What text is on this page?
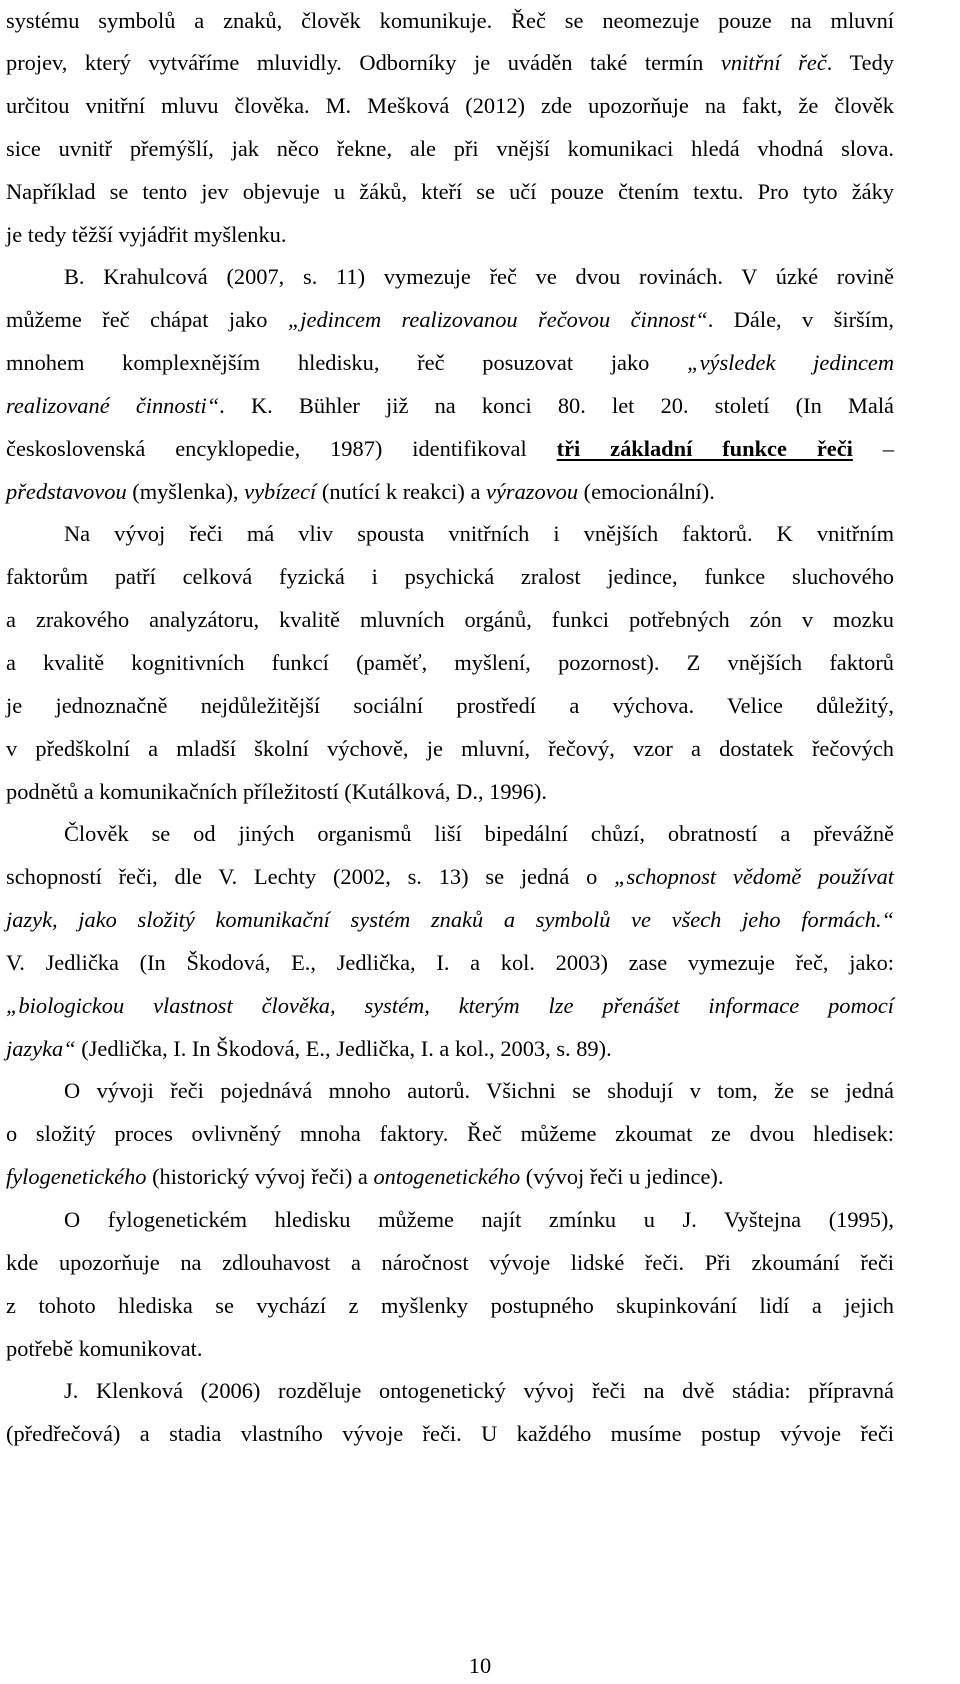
systému symbolů a znaků, člověk komunikuje. Řeč se neomezuje pouze na mluvní
projev, který vytváříme mluvidly. Odborníky je uváděn také termín vnitřní řeč. Tedy
určitou vnitřní mluvu člověka. M. Mešková (2012) zde upozorňuje na fakt, že člověk
sice uvnitř přemýšlí, jak něco řekne, ale při vnější komunikaci hledá vhodná slova.
Například se tento jev objevuje u žáků, kteří se učí pouze čtením textu. Pro tyto žáky
je tedy těžší vyjádřit myšlenku.
B. Krahulcová (2007, s. 11) vymezuje řeč ve dvou rovinách. V úzké rovině
můžeme řeč chápat jako „jedincem realizovanou řečovou činnost“. Dále, v širším,
mnohem komplexnějším hledisku, řeč posuzovat jako „výsledek jedincem
realizované činnosti“. K. Bühler již na konci 80. let 20. století (In Malá
československá encyklopedie, 1987) identifikoval tři základní funkce řeči –
představovou (myšlenka), vybízecí (nutící k reakci) a výrazovou (emocionální).
Na vývoj řeči má vliv spousta vnitřních i vnějších faktorů. K vnitřním
faktorům patří celková fyzická i psychická zralost jedince, funkce sluchového
a zrakového analyzátoru, kvalitě mluvních orgánů, funkci potřebných zón v mozku
a kvalitě kognitivních funkcí (paměť, myšlení, pozornost). Z vnějších faktorů
je jednoznačně nejdůležitější sociální prostředí a výchova. Velice důležitý,
v předškolní a mladší školní výchově, je mluvní, řečový, vzor a dostatek řečových
podnětů a komunikačních příležitostí (Kutálková, D., 1996).
Člověk se od jiných organismů liší bipedální chůzí, obratností a převážně
schopností řeči, dle V. Lechty (2002, s. 13) se jedná o „schopnost vědomě používat
jazyk, jako složitý komunikační systém znaků a symbolů ve všech jeho formách.“
V. Jedlička (In Škodová, E., Jedlička, I. a kol. 2003) zase vymezuje řeč, jako:
„biologickou vlastnost člověka, systém, kterým lze přenášet informace pomocí
jazyka“ (Jedlička, I. In Škodová, E., Jedlička, I. a kol., 2003, s. 89).
O vývoji řeči pojednává mnoho autorů. Všichni se shodují v tom, že se jedná
o složitý proces ovlivněný mnoha faktory. Řeč můžeme zkoumat ze dvou hledisek:
fylogenetického (historický vývoj řeči) a ontogenetického (vývoj řeči u jedince).
O fylogenetickém hledisku můžeme najít zmínku u J. Vyštejna (1995),
kde upozorňuje na zdlouhavost a náročnost vývoje lidské řeči. Při zkoumání řeči
z tohoto hlediska se vychází z myšlenky postupného skupinkování lidí a jejich
potřebě komunikovat.
J. Klenková (2006) rozděluje ontogenetický vývoj řeči na dvě stádia: přípravná
(předřečová) a stadia vlastního vývoje řeči. U každého musíme postup vývoje řeči
10
